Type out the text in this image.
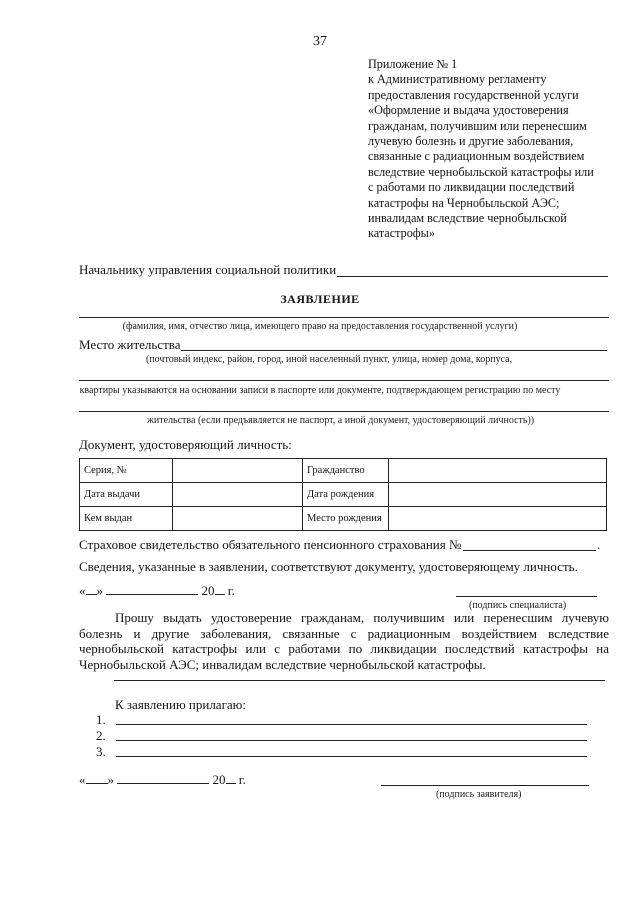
37
Приложение № 1
к Административному регламенту
предоставления государственной услуги
«Оформление и выдача удостоверения
гражданам, получившим или перенесшим
лучевую болезнь и другие заболевания,
связанные с радиационным воздействием
вследствие чернобыльской катастрофы или
с работами по ликвидации последствий
катастрофы на Чернобыльской АЭС;
инвалидам вследствие чернобыльской
катастрофы»
Начальнику управления социальной политики
ЗАЯВЛЕНИЕ
(фамилия, имя, отчество лица, имеющего право на предоставления государственной услуги)
Место жительства
(почтовый индекс, район, город, иной населенный пункт, улица, номер дома, корпуса,
квартиры указываются на основании записи в паспорте или документе, подтверждающем регистрацию по месту
жительства (если предъявляется не паспорт, а иной документ, удостоверяющий личность))
Документ, удостоверяющий личность:
Серия, №		Гражданство	
Дата выдачи		Дата рождения	
Кем выдан		Место рождения	
Страховое свидетельство обязательного пенсионного страхования №	.
Сведения, указанные в заявлении, соответствуют документу, удостоверяющему личность.
« »	20 г.
(подпись специалиста)
Прошу выдать удостоверение гражданам, получившим или перенесшим лучевую болезнь и другие заболевания, связанные с радиационным воздействием вследствие чернобыльской катастрофы или с работами по ликвидации последствий катастрофы на Чернобыльской АЭС; инвалидам вследствие чернобыльской катастрофы.
К заявлению прилагаю:
1.
2.
3.
« »	20 г.
(подпись заявителя)
